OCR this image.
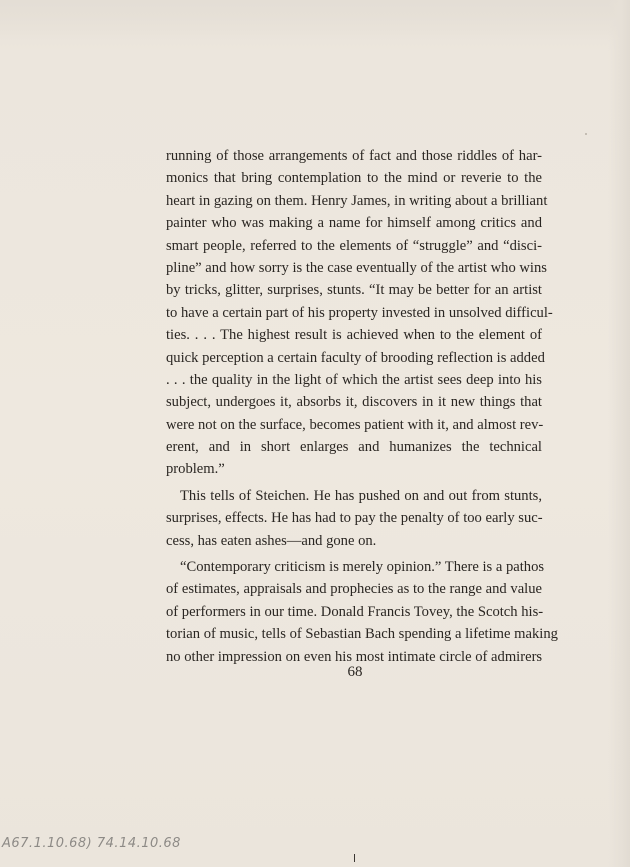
running of those arrangements of fact and those riddles of har-
monics that bring contemplation to the mind or reverie to the
heart in gazing on them. Henry James, in writing about a brilliant
painter who was making a name for himself among critics and
smart people, referred to the elements of “struggle” and “disci-
pline” and how sorry is the case eventually of the artist who wins
by tricks, glitter, surprises, stunts. “It may be better for an artist
to have a certain part of his property invested in unsolved difficul-
ties. . . . The highest result is achieved when to the element of
quick perception a certain faculty of brooding reflection is added
. . . the quality in the light of which the artist sees deep into his
subject, undergoes it, absorbs it, discovers in it new things that
were not on the surface, becomes patient with it, and almost rev-
erent, and in short enlarges and humanizes the technical
problem.”
This tells of Steichen. He has pushed on and out from stunts,
surprises, effects. He has had to pay the penalty of too early suc-
cess, has eaten ashes—and gone on.
“Contemporary criticism is merely opinion.” There is a pathos
of estimates, appraisals and prophecies as to the range and value
of performers in our time. Donald Francis Tovey, the Scotch his-
torian of music, tells of Sebastian Bach spending a lifetime making
no other impression on even his most intimate circle of admirers
68
A67.1.10.68) 74.14.10.68
